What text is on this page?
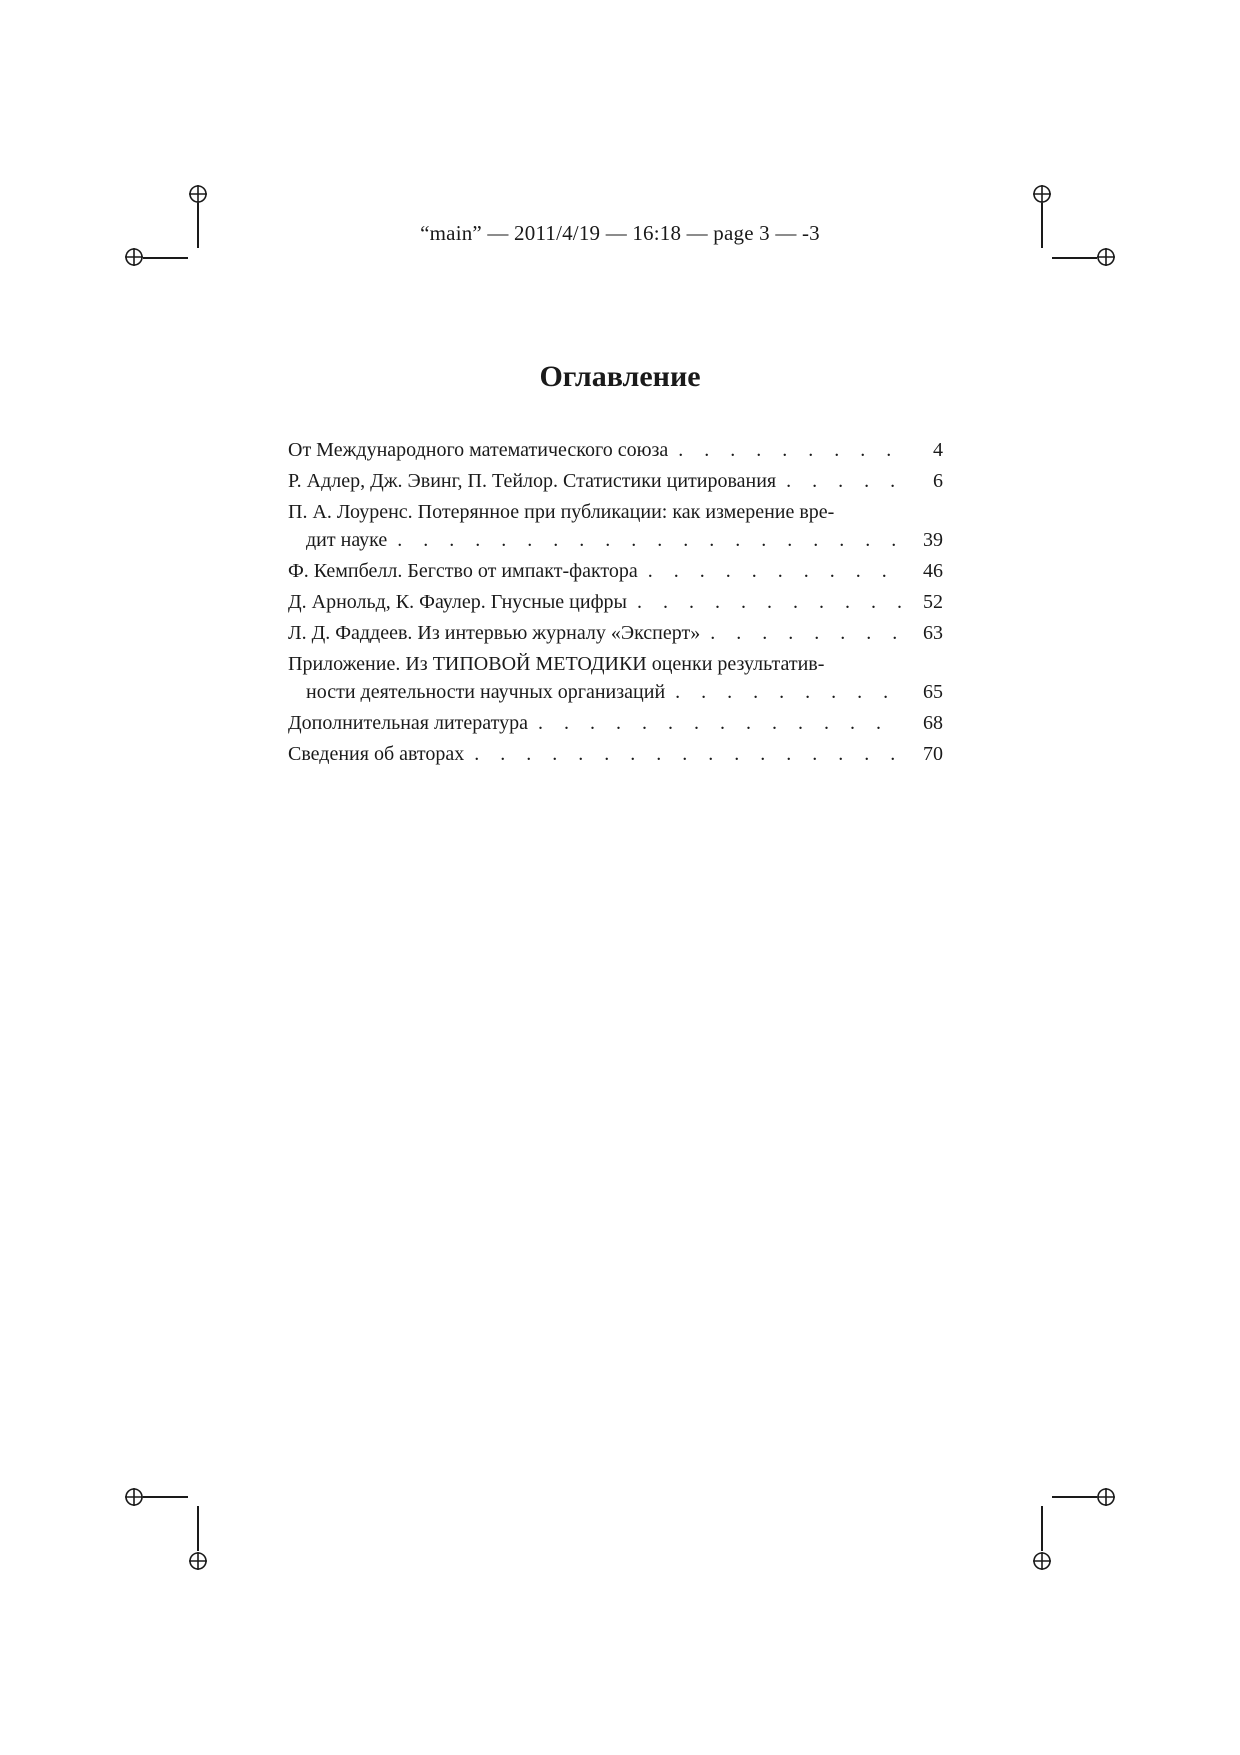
“main” — 2011/4/19 — 16:18 — page 3 — -3
Оглавление
От Международного математического союза . . .	4
Р. Адлер, Дж. Эвинг, П. Тейлор. Статистики цитирования . . .	6
П. А. Лоуренс. Потерянное при публикации: как измерение вре-
дит науке . . .	39
Ф. Кемпбелл. Бегство от импакт-фактора . . .	46
Д. Арнольд, К. Фаулер. Гнусные цифры . . .	52
Л. Д. Фаддеев. Из интервью журналу «Эксперт» . . .	63
Приложение. Из ТИПОВОЙ МЕТОДИКИ оценки результатив-
ности деятельности научных организаций . . .	65
Дополнительная литература . . .	68
Сведения об авторах . . .	70
